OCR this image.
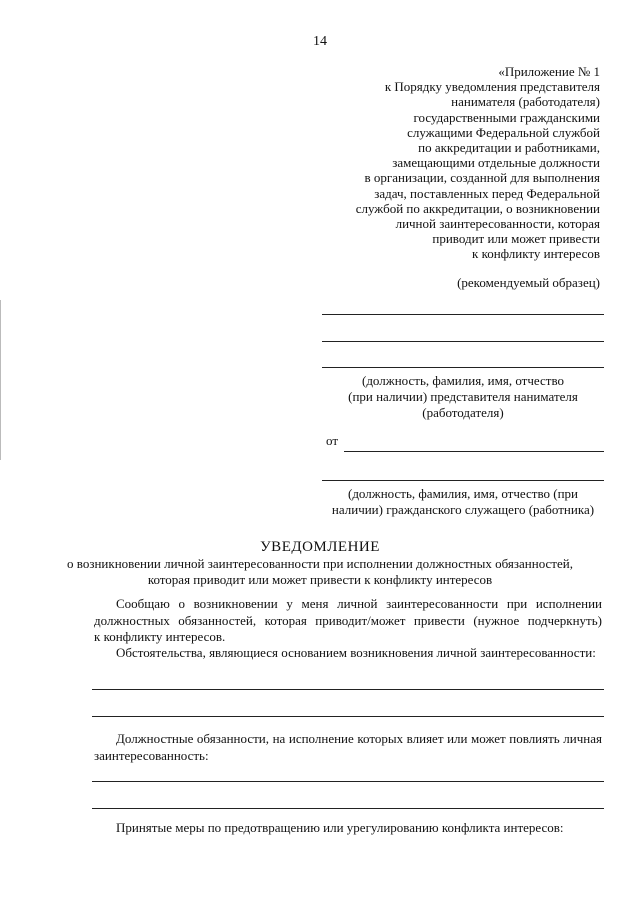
14
«Приложение № 1
к Порядку уведомления представителя
нанимателя (работодателя)
государственными гражданскими
служащими Федеральной службой
по аккредитации и работниками,
замещающими отдельные должности
в организации, созданной для выполнения
задач, поставленных перед Федеральной
службой по аккредитации, о возникновении
личной заинтересованности, которая
приводит или может привести
к конфликту интересов
(рекомендуемый образец)
(должность, фамилия, имя, отчество
(при наличии) представителя нанимателя
(работодателя)
от
(должность, фамилия, имя, отчество (при
наличии) гражданского служащего (работника)
УВЕДОМЛЕНИЕ
о возникновении личной заинтересованности при исполнении должностных обязанностей,
которая приводит или может привести к конфликту интересов
Сообщаю о возникновении у меня личной заинтересованности при исполнении
должностных обязанностей, которая приводит/может привести (нужное подчеркнуть)
к конфликту интересов.
Обстоятельства, являющиеся основанием возникновения личной заинтересованности:
Должностные обязанности, на исполнение которых влияет или может повлиять личная
заинтересованность:
Принятые меры по предотвращению или урегулированию конфликта интересов:
